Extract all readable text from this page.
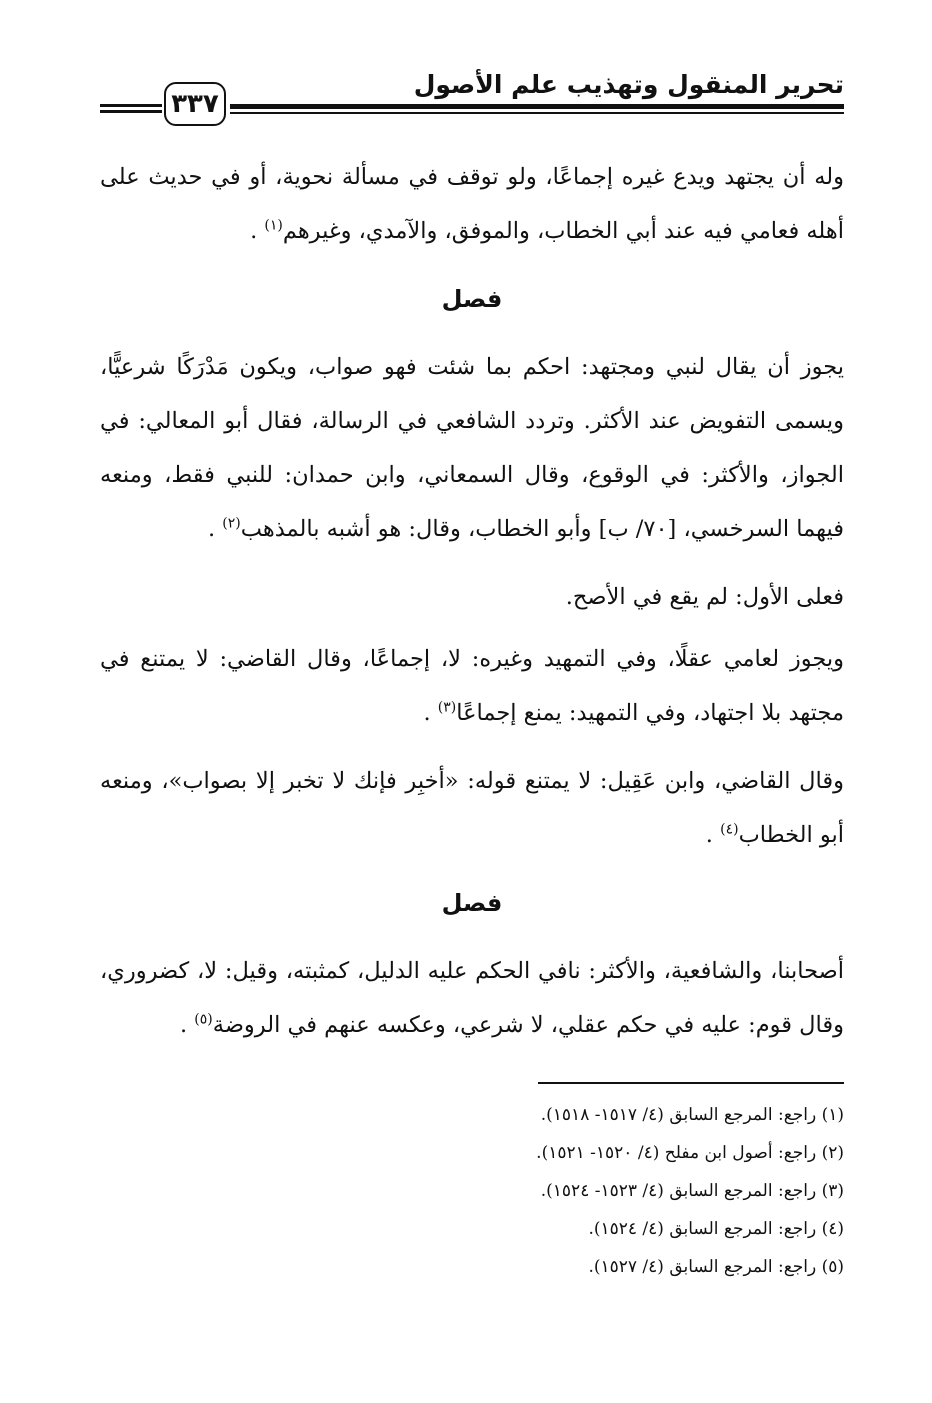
تحرير المنقول وتهذيب علم الأصول
٣٣٧

وله أن يجتهد ويدع غيره إجماعًا، ولو توقف في مسألة نحوية، أو في حديث على أهله فعامي فيه عند أبي الخطاب، والموفق، والآمدي، وغيرهم$^{(١)}$ .

فصل

يجوز أن يقال لنبي ومجتهد: احكم بما شئت فهو صواب، ويكون مَدْرَكًا شرعيًّا، ويسمى التفويض عند الأكثر. وتردد الشافعي في الرسالة، فقال أبو المعالي: في الجواز، والأكثر: في الوقوع، وقال السمعاني، وابن حمدان: للنبي فقط، ومنعه فيهما السرخسي، [٧٠/ ب] وأبو الخطاب، وقال: هو أشبه بالمذهب$^{(٢)}$ .

فعلى الأول: لم يقع في الأصح.

ويجوز لعامي عقلًا، وفي التمهيد وغيره: لا، إجماعًا، وقال القاضي: لا يمتنع في مجتهد بلا اجتهاد، وفي التمهيد: يمنع إجماعًا$^{(٣)}$ .

وقال القاضي، وابن عَقِيل: لا يمتنع قوله: «أخبِر فإنك لا تخبر إلا بصواب»، ومنعه أبو الخطاب$^{(٤)}$ .

فصل

أصحابنا، والشافعية، والأكثر: نافي الحكم عليه الدليل، كمثبته، وقيل: لا، كضروري، وقال قوم: عليه في حكم عقلي، لا شرعي، وعكسه عنهم في الروضة$^{(٥)}$ .

(١) راجع: المرجع السابق (٤/ ١٥١٧- ١٥١٨).
(٢) راجع: أصول ابن مفلح (٤/ ١٥٢٠- ١٥٢١).
(٣) راجع: المرجع السابق (٤/ ١٥٢٣- ١٥٢٤).
(٤) راجع: المرجع السابق (٤/ ١٥٢٤).
(٥) راجع: المرجع السابق (٤/ ١٥٢٧).
